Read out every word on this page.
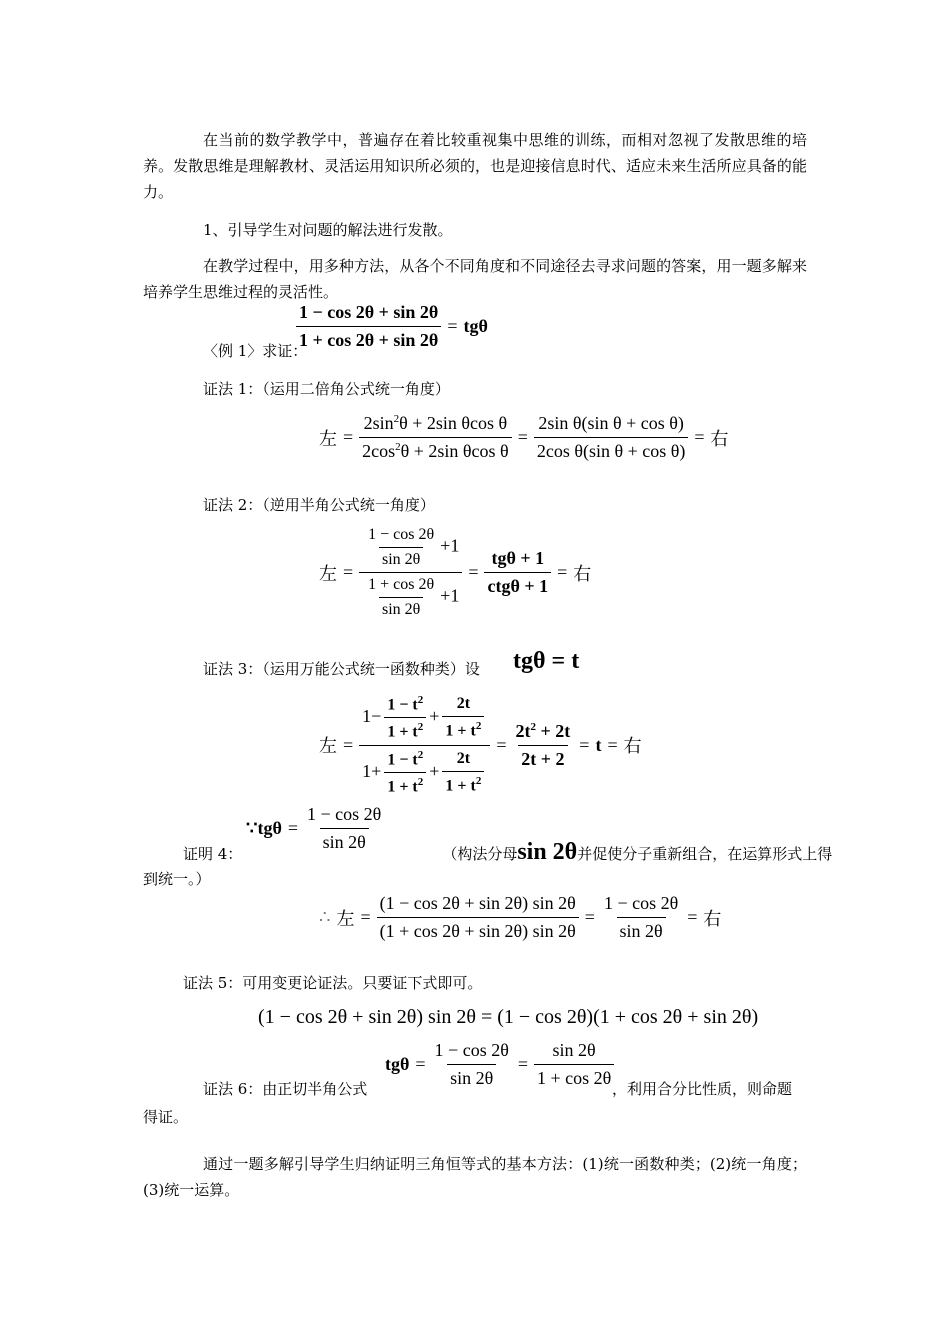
在当前的数学教学中，普遍存在着比较重视集中思维的训练，而相对忽视了发散思维的培养。发散思维是理解教材、灵活运用知识所必须的，也是迎接信息时代、适应未来生活所应具备的能力。
1、引导学生对问题的解法进行发散。
在教学过程中，用多种方法，从各个不同角度和不同途径去寻求问题的答案，用一题多解来培养学生思维过程的灵活性。
〈例 1〉求证：
$\frac{1 - \cos 2\theta + \sin 2\theta}{1 + \cos 2\theta + \sin 2\theta} = tg\theta$
证法 1：（运用二倍角公式统一角度）
左 = $\frac{2\sin^2\theta + 2\sin \theta\cos \theta}{2\cos^2\theta + 2\sin \theta\cos \theta} = \frac{\text{2sin θ(sin θ + cos θ)}}{\text{2cos θ(sin θ + cos θ)}}$ = 右
证法 2：（逆用半角公式统一角度）
左 = $\frac{\frac{1 - \cos 2\theta}{\sin 2\theta} +1}{\frac{1 + \cos 2\theta}{\sin 2\theta} +1} = \frac{\text{tgθ + 1}}{\text{ctgθ + 1}}$ = 右
证法 3：（运用万能公式统一函数种类）设 tgθ = t
左 = $\frac{1- \frac{1 - t^2}{1 + t^2} + \frac{2t}{1 + t^2}}{1+ \frac{1 - t^2}{1 + t^2} + \frac{2t}{1 + t^2}} = \frac{2t^2 + 2t}{2t + 2} = t$ = 右
∵tgθ = $\frac{1 - \cos 2\theta}{\sin 2\theta}$
证明 4：	（构法分母sin 2θ并促使分子重新组合，在运算形式上得
到统一。）
∴ 左 = $\frac{(1 - \cos 2\theta + \sin 2\theta) \sin 2\theta}{(1 + \cos 2\theta + \sin 2\theta) \sin 2\theta} = \frac{1 - \cos 2\theta}{\sin 2\theta}$ = 右
证法 5：可用变更论证法。只要证下式即可。
(1 − cos 2θ + sin 2θ) sin 2θ = (1 − cos 2θ)(1 + cos 2θ + sin 2θ)
$tg\theta = \frac{1 - \cos 2\theta}{\sin 2\theta} = \frac{\sin 2\theta}{1 + \cos 2\theta}$
证法 6：由正切半角公式	，利用合分比性质，则命题
得证。
通过一题多解引导学生归纳证明三角恒等式的基本方法：(1)统一函数种类；(2)统一角度；(3)统一运算。
